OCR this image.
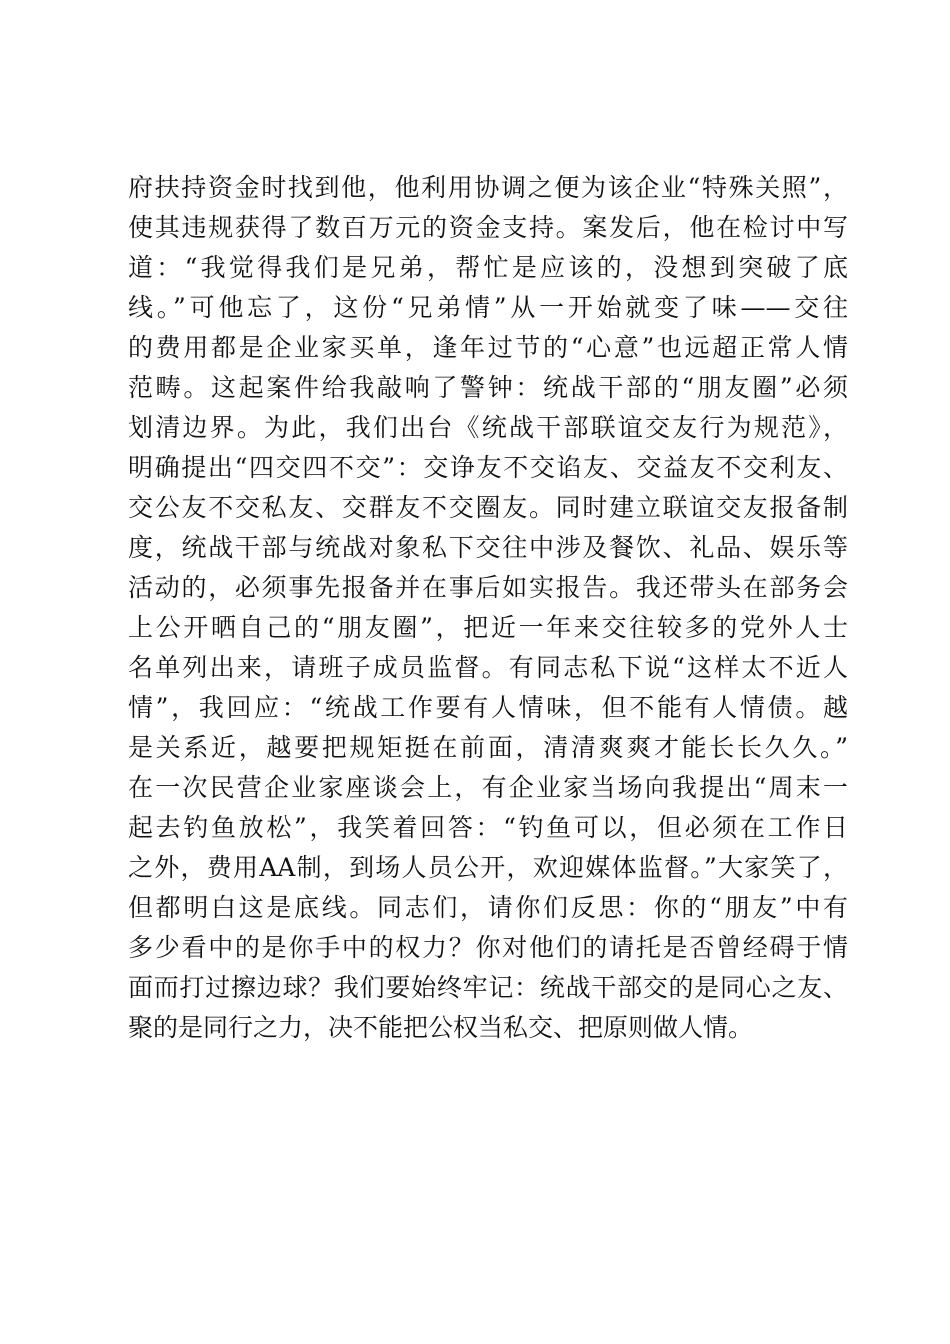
府扶持资金时找到他，他利用协调之便为该企业“特殊关照”，
使其违规获得了数百万元的资金支持。案发后，他在检讨中写
道：“我觉得我们是兄弟，帮忙是应该的，没想到突破了底
线。”可他忘了，这份“兄弟情”从一开始就变了味——交往
的费用都是企业家买单，逢年过节的“心意”也远超正常人情
范畴。这起案件给我敲响了警钟：统战干部的“朋友圈”必须
划清边界。为此，我们出台《统战干部联谊交友行为规范》，
明确提出“四交四不交”：交诤友不交谄友、交益友不交利友、
交公友不交私友、交群友不交圈友。同时建立联谊交友报备制
度，统战干部与统战对象私下交往中涉及餐饮、礼品、娱乐等
活动的，必须事先报备并在事后如实报告。我还带头在部务会
上公开晒自己的“朋友圈”，把近一年来交往较多的党外人士
名单列出来，请班子成员监督。有同志私下说“这样太不近人
情”，我回应：“统战工作要有人情味，但不能有人情债。越
是关系近，越要把规矩挺在前面，清清爽爽才能长长久久。”
在一次民营企业家座谈会上，有企业家当场向我提出“周末一
起去钓鱼放松”，我笑着回答：“钓鱼可以，但必须在工作日
之外，费用AA制，到场人员公开，欢迎媒体监督。”大家笑了，
但都明白这是底线。同志们，请你们反思：你的“朋友”中有
多少看中的是你手中的权力？你对他们的请托是否曾经碍于情
面而打过擦边球？我们要始终牢记：统战干部交的是同心之友、
聚的是同行之力，决不能把公权当私交、把原则做人情。
